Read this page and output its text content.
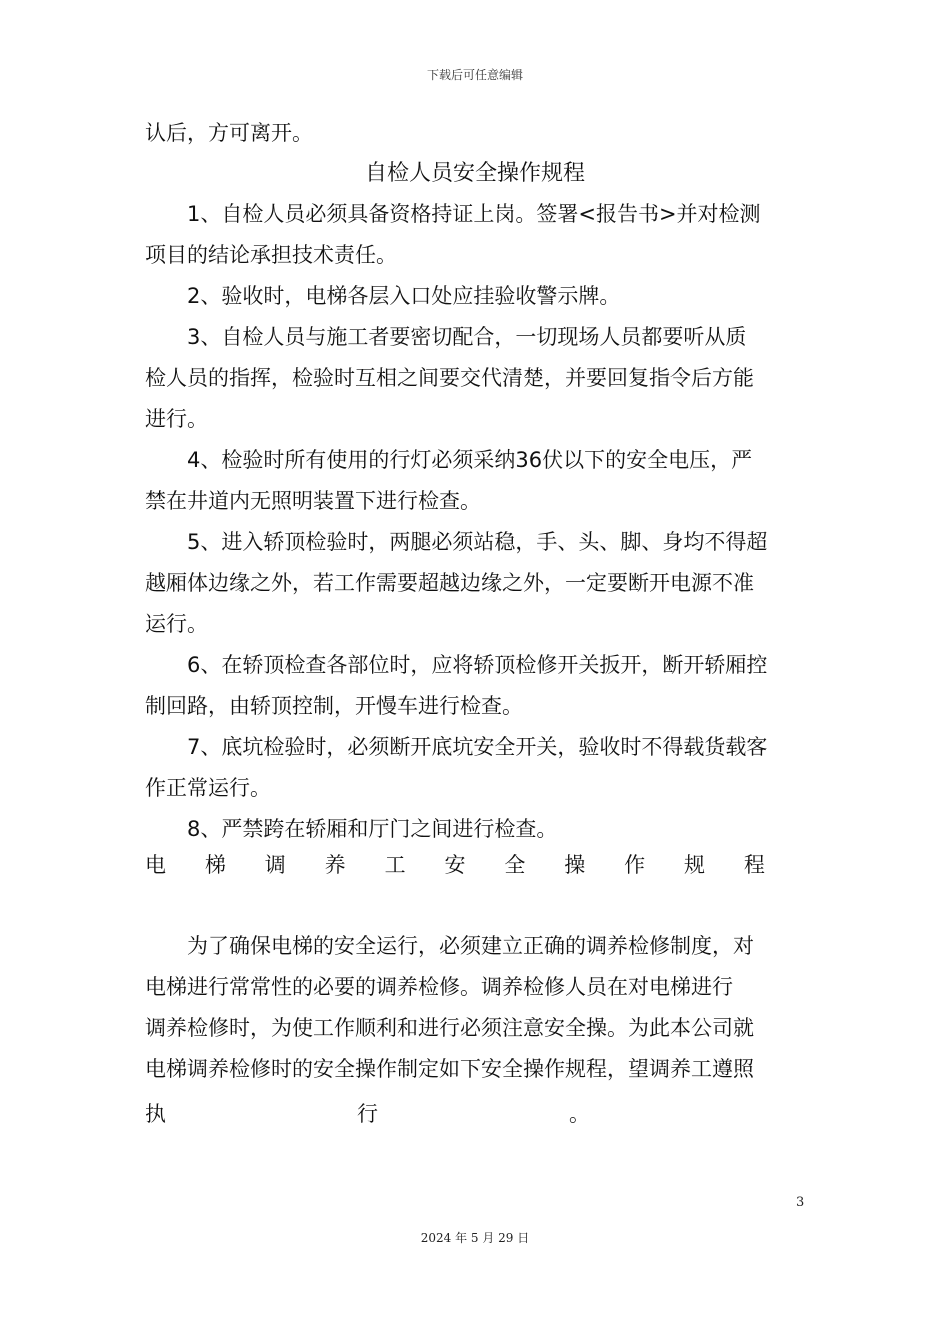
下载后可任意编辑
认后，方可离开。
自检人员安全操作规程
　　1、自检人员必须具备资格持证上岗。签署<报告书>并对检测
项目的结论承担技术责任。
　　2、验收时，电梯各层入口处应挂验收警示牌。
　　3、自检人员与施工者要密切配合，一切现场人员都要听从质
检人员的指挥，检验时互相之间要交代清楚，并要回复指令后方能
进行。
　　4、检验时所有使用的行灯必须采纳36伏以下的安全电压，严
禁在井道内无照明装置下进行检查。
　　5、进入轿顶检验时，两腿必须站稳，手、头、脚、身均不得超
越厢体边缘之外，若工作需要超越边缘之外，一定要断开电源不准
运行。
　　6、在轿顶检查各部位时，应将轿顶检修开关扳开，断开轿厢控
制回路，由轿顶控制，开慢车进行检查。
　　7、底坑检验时，必须断开底坑安全开关，验收时不得载货载客
作正常运行。
　　8、严禁跨在轿厢和厅门之间进行检查。
电 梯 调 养 工 安 全 操 作 规 程
　　为了确保电梯的安全运行，必须建立正确的调养检修制度，对
电梯进行常常性的必要的调养检修。调养检修人员在对电梯进行
调养检修时，为使工作顺利和进行必须注意安全操。为此本公司就
电梯调养检修时的安全操作制定如下安全操作规程，望调养工遵照
执	行	。
3
2024 年 5 月 29 日
